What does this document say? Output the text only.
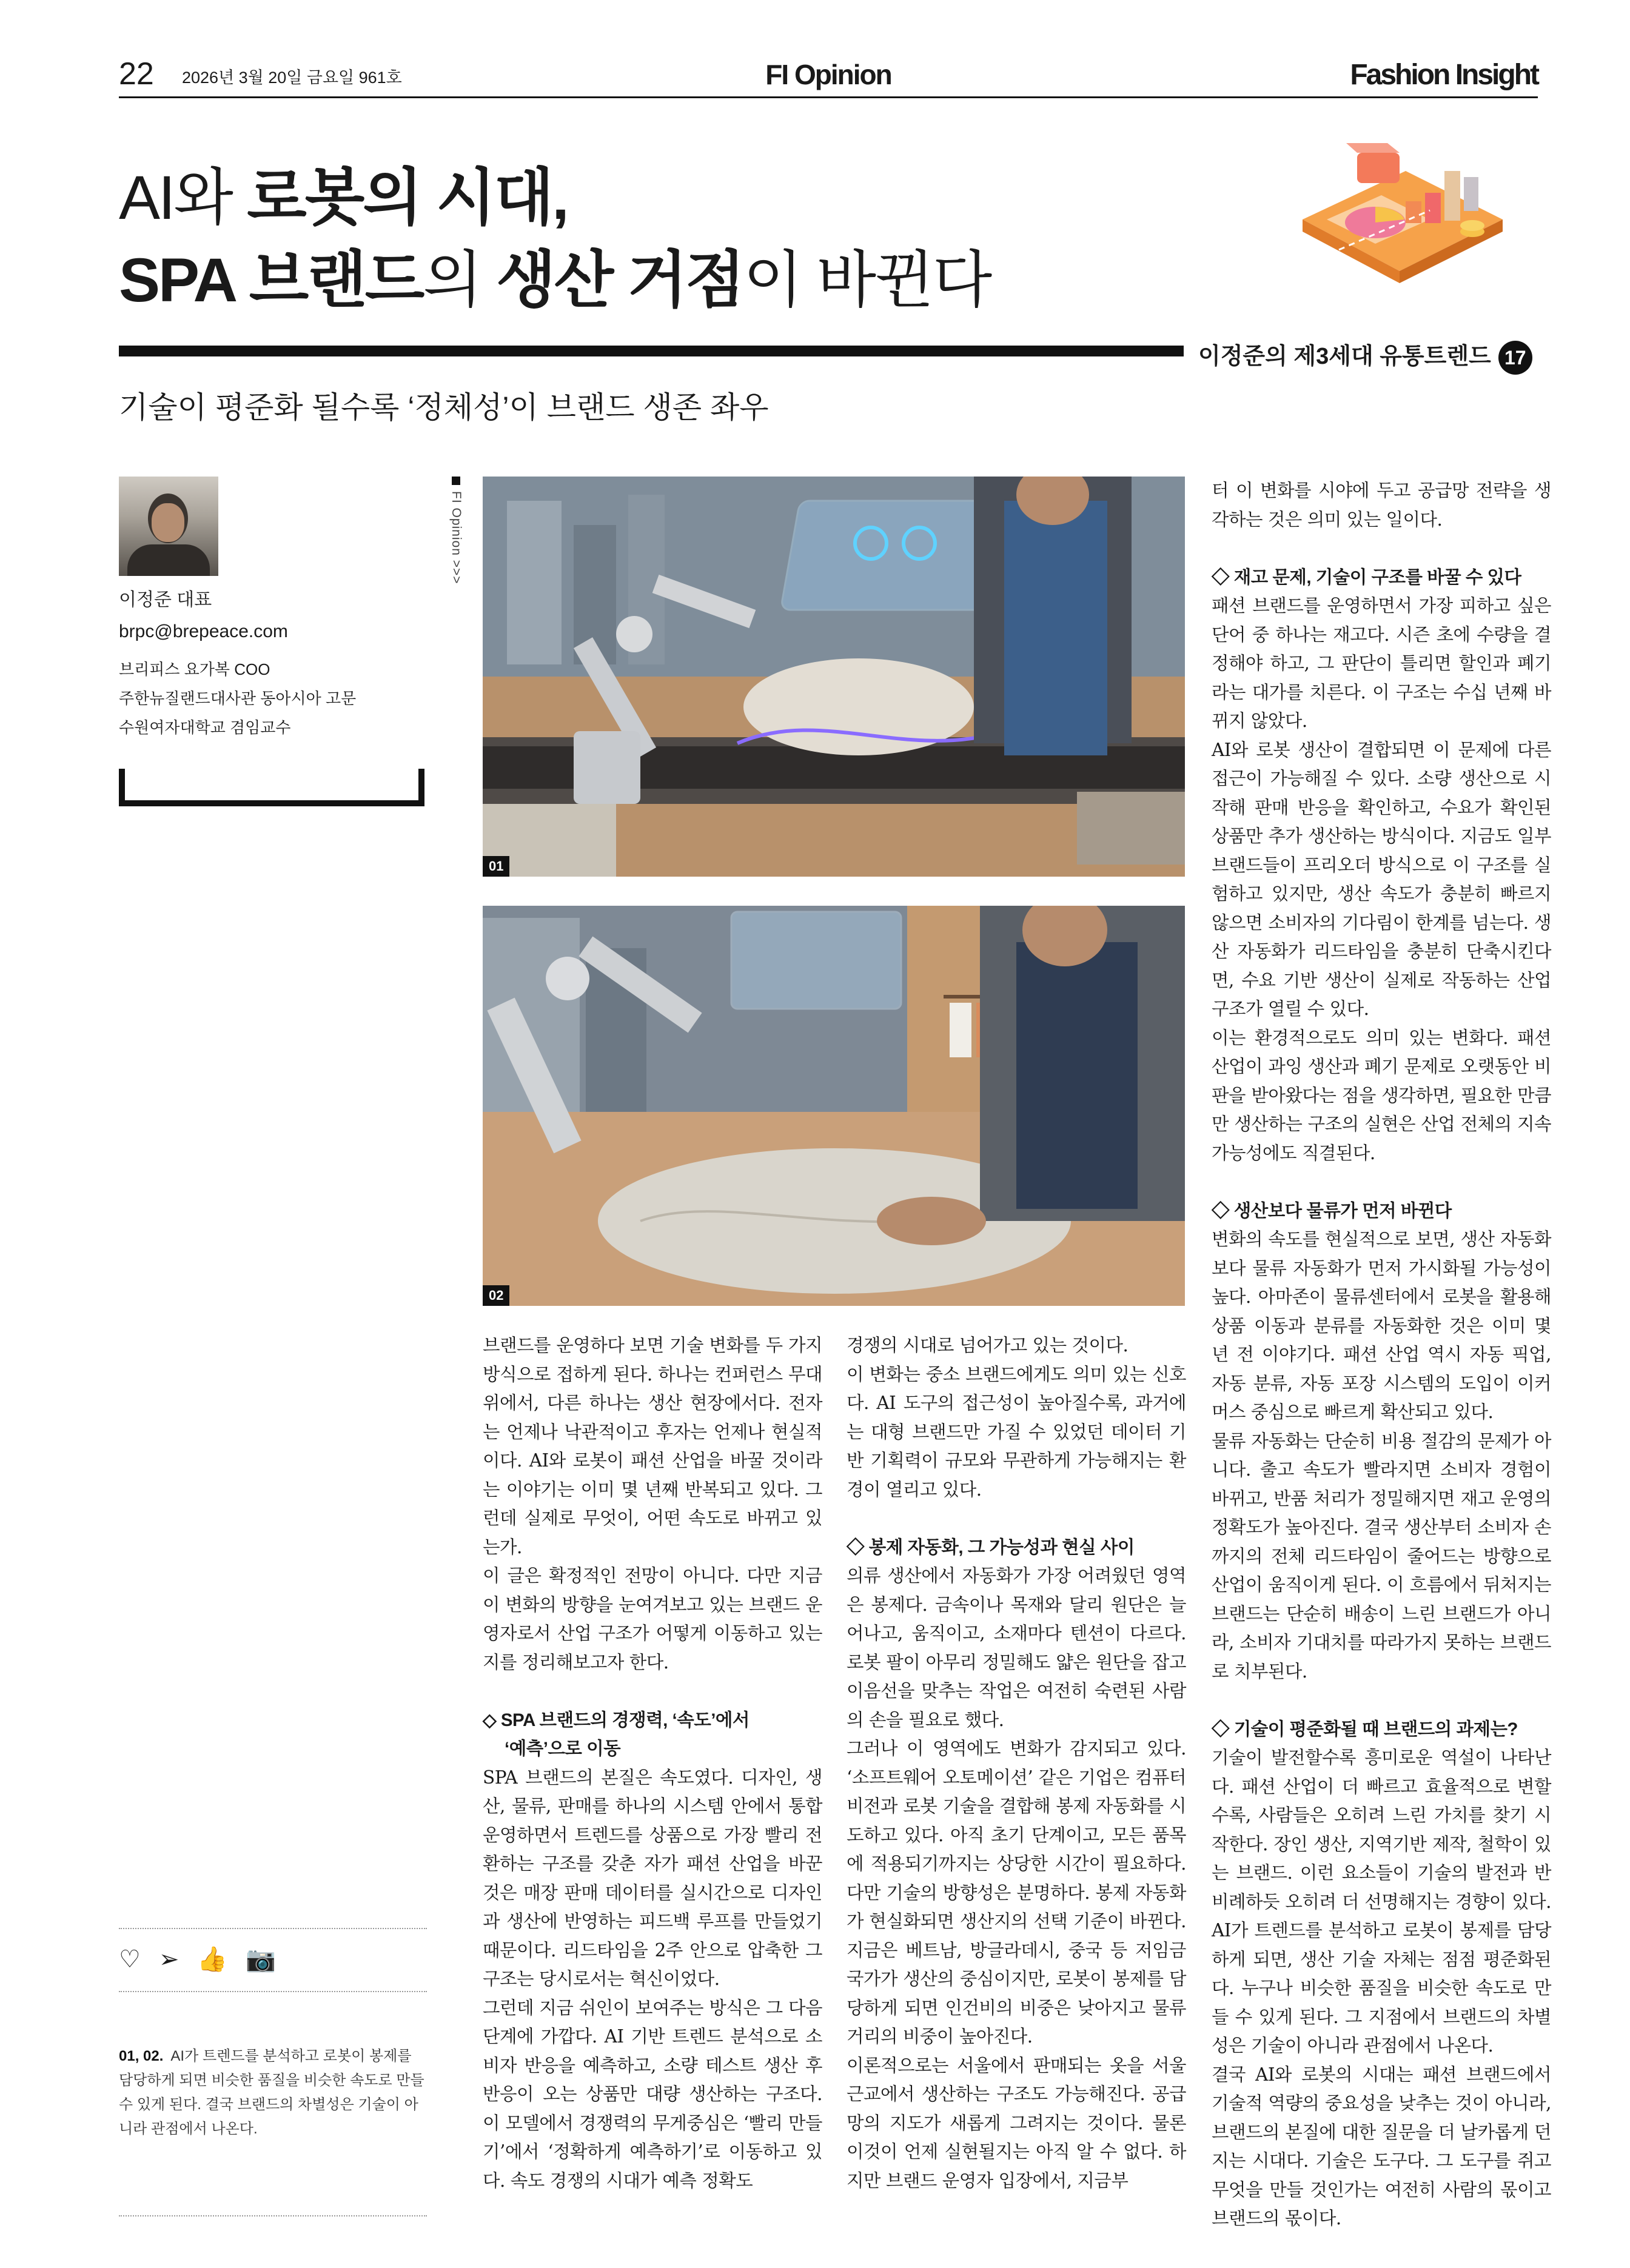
22 2026년 3월 20일 금요일 961호	FI Opinion	Fashion Insight
AI와 로봇의 시대,
SPA 브랜드의 생산 거점이 바뀐다
이정준의 제3세대 유통트렌드 17
기술이 평준화 될수록 ‘정체성’이 브랜드 생존 좌우
이정준 대표
brpc@brepeace.com
브리피스 요가복 COO
주한뉴질랜드대사관 동아시아 고문
수원여자대학교 겸임교수
FI Opinion >>>
01
02
♡ ➢ 👍 📷
01, 02. AI가 트렌드를 분석하고 로봇이 봉제를 담당하게 되면 비슷한 품질을 비슷한 속도로 만들 수 있게 된다. 결국 브랜드의 차별성은 기술이 아니라 관점에서 나온다.

브랜드를 운영하다 보면 기술 변화를 두 가지 방식으로 접하게 된다. 하나는 컨퍼런스 무대 위에서, 다른 하나는 생산 현장에서다. 전자는 언제나 낙관적이고 후자는 언제나 현실적이다. AI와 로봇이 패션 산업을 바꿀 것이라는 이야기는 이미 몇 년째 반복되고 있다. 그런데 실제로 무엇이, 어떤 속도로 바뀌고 있는가.

이 글은 확정적인 전망이 아니다. 다만 지금 이 변화의 방향을 눈여겨보고 있는 브랜드 운영자로서 산업 구조가 어떻게 이동하고 있는지를 정리해보고자 한다.

◇ SPA 브랜드의 경쟁력, ‘속도’에서

‘예측’으로 이동

SPA 브랜드의 본질은 속도였다. 디자인, 생산, 물류, 판매를 하나의 시스템 안에서 통합 운영하면서 트렌드를 상품으로 가장 빨리 전환하는 구조를 갖춘 자가 패션 산업을 바꾼 것은 매장 판매 데이터를 실시간으로 디자인과 생산에 반영하는 피드백 루프를 만들었기 때문이다. 리드타임을 2주 안으로 압축한 그 구조는 당시로서는 혁신이었다.

그런데 지금 쉬인이 보여주는 방식은 그 다음 단계에 가깝다. AI 기반 트렌드 분석으로 소비자 반응을 예측하고, 소량 테스트 생산 후 반응이 오는 상품만 대량 생산하는 구조다. 이 모델에서 경쟁력의 무게중심은 ‘빨리 만들기’에서 ‘정확하게 예측하기’로 이동하고 있다. 속도 경쟁의 시대가 예측 정확도

경쟁의 시대로 넘어가고 있는 것이다.

이 변화는 중소 브랜드에게도 의미 있는 신호다. AI 도구의 접근성이 높아질수록, 과거에는 대형 브랜드만 가질 수 있었던 데이터 기반 기획력이 규모와 무관하게 가능해지는 환경이 열리고 있다.

◇ 봉제 자동화, 그 가능성과 현실 사이

의류 생산에서 자동화가 가장 어려웠던 영역은 봉제다. 금속이나 목재와 달리 원단은 늘어나고, 움직이고, 소재마다 텐션이 다르다. 로봇 팔이 아무리 정밀해도 얇은 원단을 잡고 이음선을 맞추는 작업은 여전히 숙련된 사람의 손을 필요로 했다.

그러나 이 영역에도 변화가 감지되고 있다. ‘소프트웨어 오토메이션’ 같은 기업은 컴퓨터 비전과 로봇 기술을 결합해 봉제 자동화를 시도하고 있다. 아직 초기 단계이고, 모든 품목에 적용되기까지는 상당한 시간이 필요하다. 다만 기술의 방향성은 분명하다. 봉제 자동화가 현실화되면 생산지의 선택 기준이 바뀐다. 지금은 베트남, 방글라데시, 중국 등 저임금 국가가 생산의 중심이지만, 로봇이 봉제를 담당하게 되면 인건비의 비중은 낮아지고 물류 거리의 비중이 높아진다.

이론적으로는 서울에서 판매되는 옷을 서울 근교에서 생산하는 구조도 가능해진다. 공급망의 지도가 새롭게 그려지는 것이다. 물론 이것이 언제 실현될지는 아직 알 수 없다. 하지만 브랜드 운영자 입장에서, 지금부

터 이 변화를 시야에 두고 공급망 전략을 생각하는 것은 의미 있는 일이다.

◇ 재고 문제, 기술이 구조를 바꿀 수 있다

패션 브랜드를 운영하면서 가장 피하고 싶은 단어 중 하나는 재고다. 시즌 초에 수량을 결정해야 하고, 그 판단이 틀리면 할인과 폐기라는 대가를 치른다. 이 구조는 수십 년째 바뀌지 않았다.

AI와 로봇 생산이 결합되면 이 문제에 다른 접근이 가능해질 수 있다. 소량 생산으로 시작해 판매 반응을 확인하고, 수요가 확인된 상품만 추가 생산하는 방식이다. 지금도 일부 브랜드들이 프리오더 방식으로 이 구조를 실험하고 있지만, 생산 속도가 충분히 빠르지 않으면 소비자의 기다림이 한계를 넘는다. 생산 자동화가 리드타임을 충분히 단축시킨다면, 수요 기반 생산이 실제로 작동하는 산업 구조가 열릴 수 있다.

이는 환경적으로도 의미 있는 변화다. 패션 산업이 과잉 생산과 폐기 문제로 오랫동안 비판을 받아왔다는 점을 생각하면, 필요한 만큼만 생산하는 구조의 실현은 산업 전체의 지속가능성에도 직결된다.

◇ 생산보다 물류가 먼저 바뀐다

변화의 속도를 현실적으로 보면, 생산 자동화보다 물류 자동화가 먼저 가시화될 가능성이 높다. 아마존이 물류센터에서 로봇을 활용해 상품 이동과 분류를 자동화한 것은 이미 몇 년 전 이야기다. 패션 산업 역시 자동 픽업, 자동 분류, 자동 포장 시스템의 도입이 이커머스 중심으로 빠르게 확산되고 있다.

물류 자동화는 단순히 비용 절감의 문제가 아니다. 출고 속도가 빨라지면 소비자 경험이 바뀌고, 반품 처리가 정밀해지면 재고 운영의 정확도가 높아진다. 결국 생산부터 소비자 손까지의 전체 리드타임이 줄어드는 방향으로 산업이 움직이게 된다. 이 흐름에서 뒤처지는 브랜드는 단순히 배송이 느린 브랜드가 아니라, 소비자 기대치를 따라가지 못하는 브랜드로 치부된다.

◇ 기술이 평준화될 때 브랜드의 과제는?

기술이 발전할수록 흥미로운 역설이 나타난다. 패션 산업이 더 빠르고 효율적으로 변할수록, 사람들은 오히려 느린 가치를 찾기 시작한다. 장인 생산, 지역기반 제작, 철학이 있는 브랜드. 이런 요소들이 기술의 발전과 반비례하듯 오히려 더 선명해지는 경향이 있다. AI가 트렌드를 분석하고 로봇이 봉제를 담당하게 되면, 생산 기술 자체는 점점 평준화된다. 누구나 비슷한 품질을 비슷한 속도로 만들 수 있게 된다. 그 지점에서 브랜드의 차별성은 기술이 아니라 관점에서 나온다.

결국 AI와 로봇의 시대는 패션 브랜드에서 기술적 역량의 중요성을 낮추는 것이 아니라, 브랜드의 본질에 대한 질문을 더 날카롭게 던지는 시대다. 기술은 도구다. 그 도구를 쥐고 무엇을 만들 것인가는 여전히 사람의 몫이고 브랜드의 몫이다.
